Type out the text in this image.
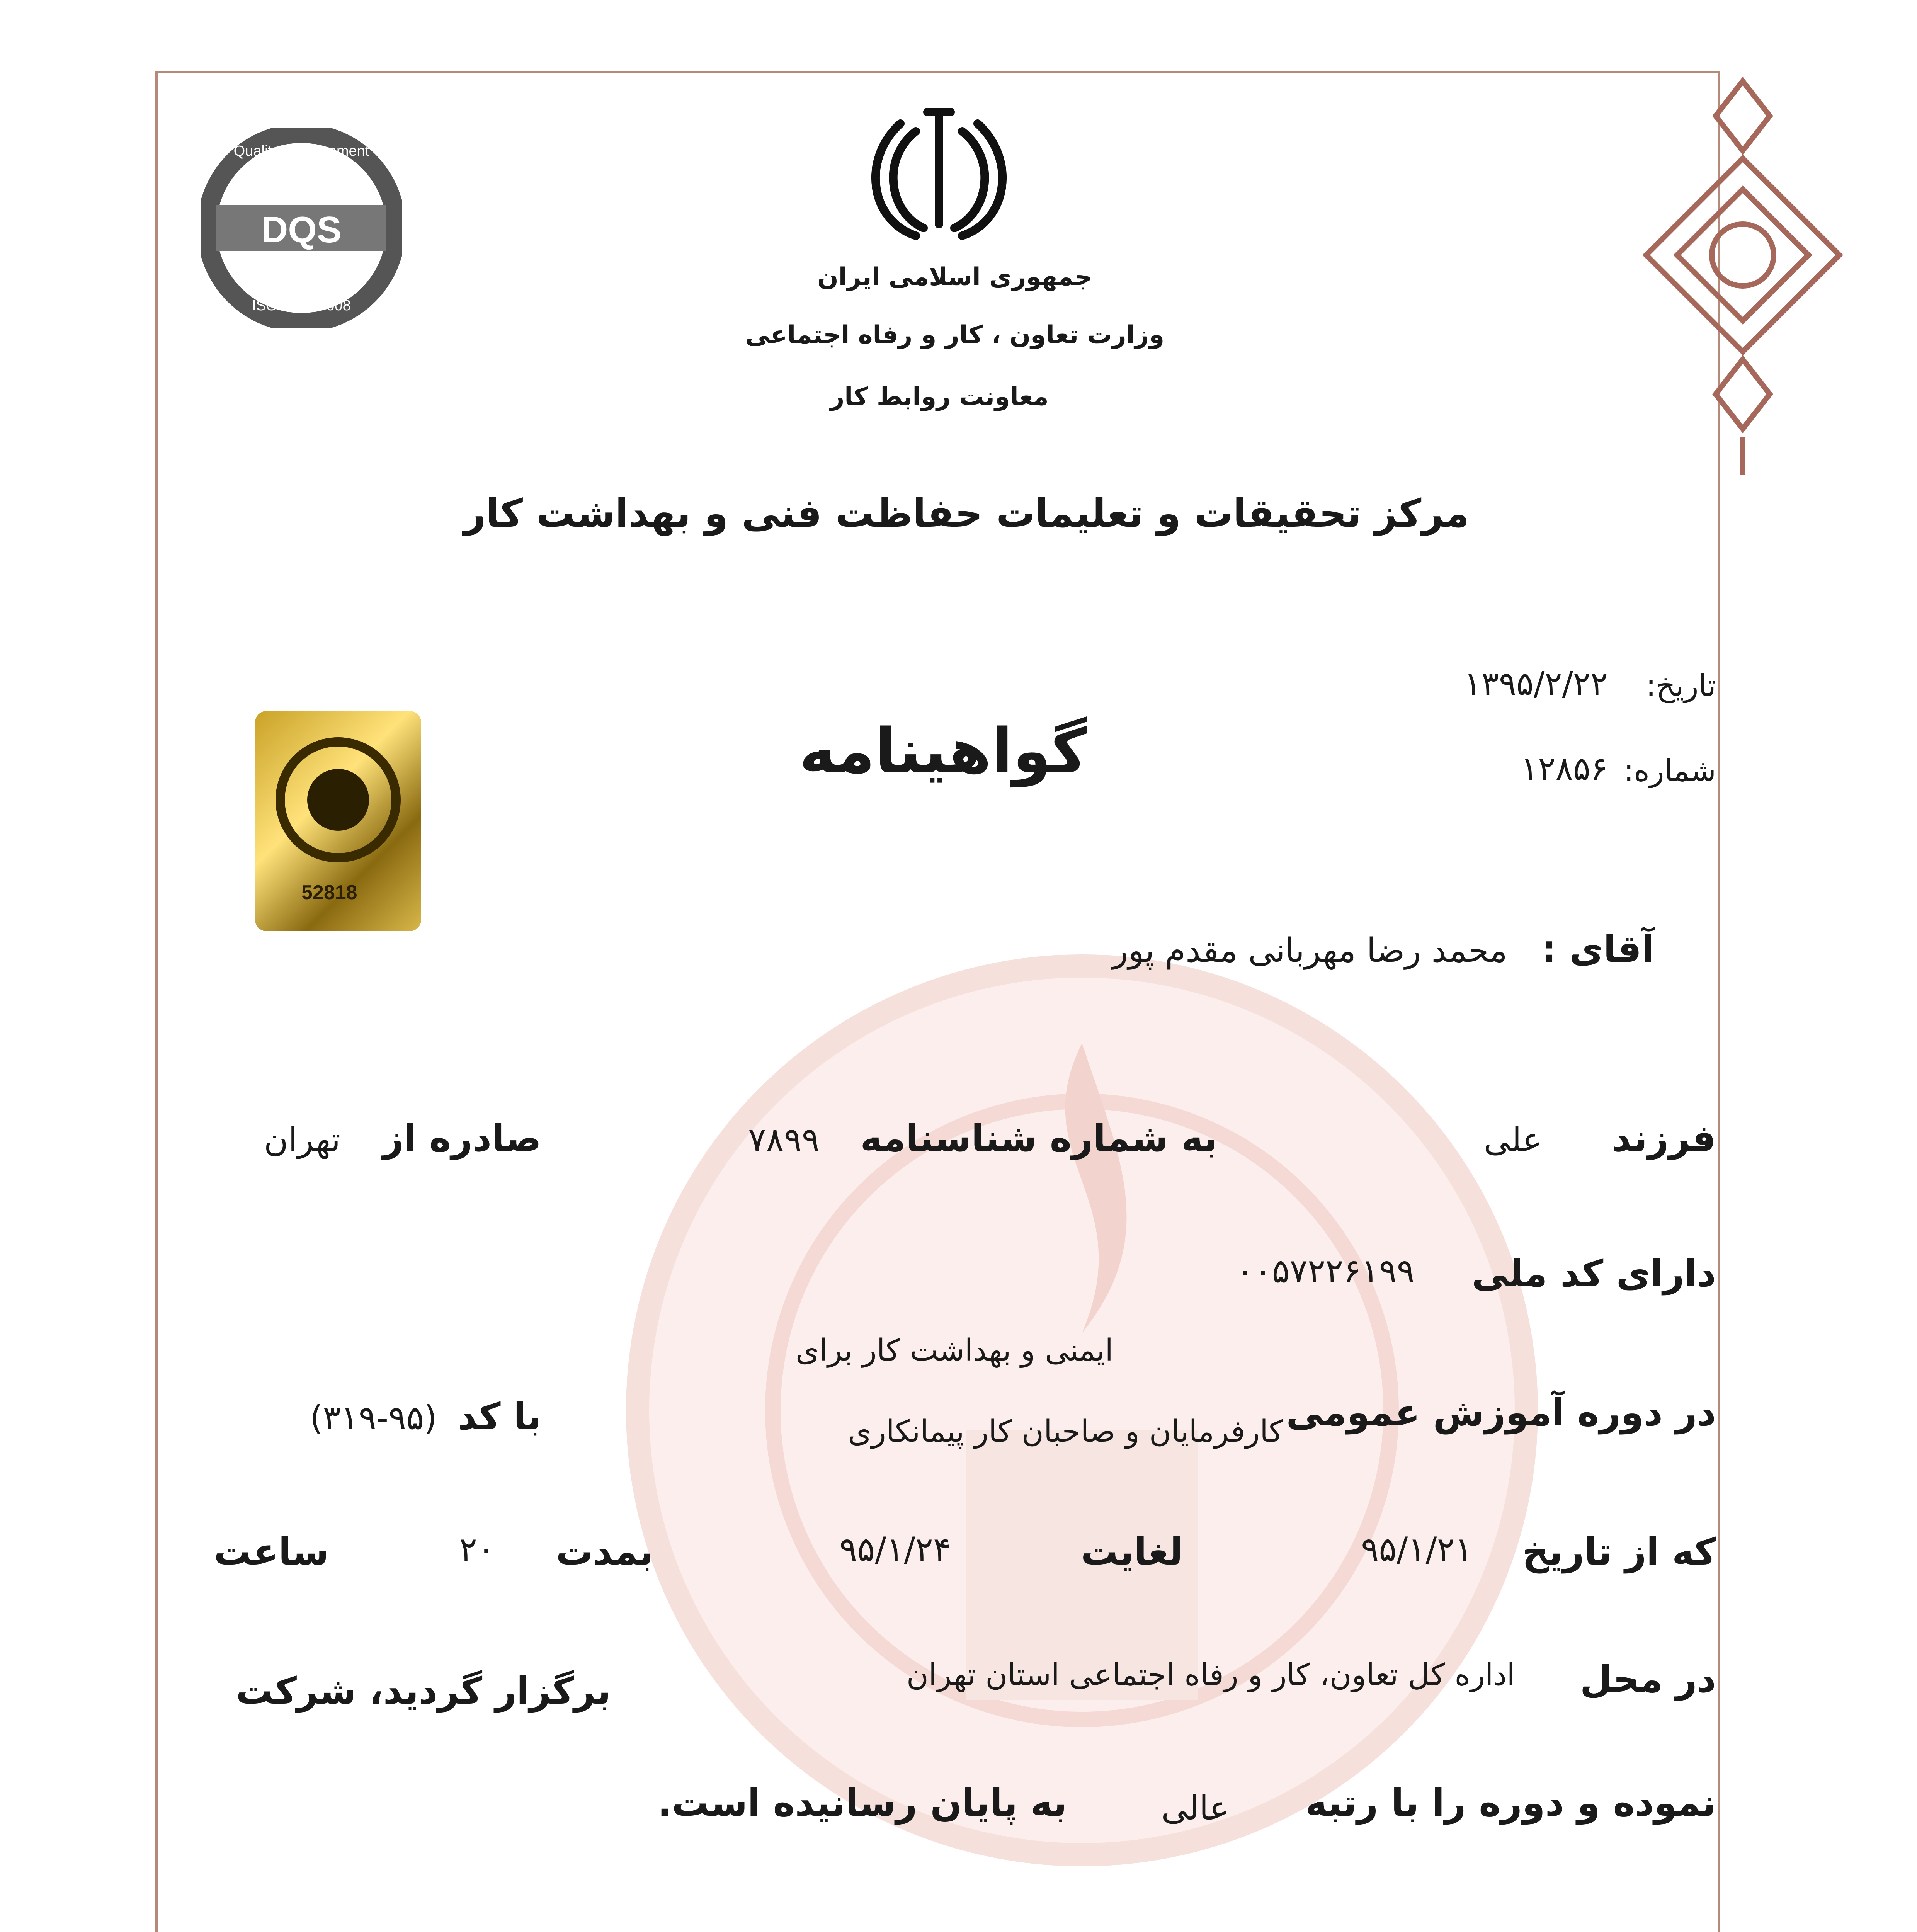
جمهوری اسلامی ایران
وزارت تعاون ، کار و رفاه اجتماعی
معاونت روابط کار
مرکز تحقیقات و تعلیمات حفاظت فنی و بهداشت کار
DQS
Quality Management
ISO 9001:2008
تاریخ:
۱۳۹۵/۲/۲۲
شماره:
۱۲۸۵۶
52818
گواهینامه
آقای :
محمد رضا مهربانی مقدم پور
فرزند
علی
به شماره شناسنامه
۷۸۹۹
صادره از
تهران
دارای کد ملی
۰۰۵۷۲۲۶۱۹۹
ایمنی و بهداشت کار برای
در دوره آموزش عمومی
کارفرمایان و صاحبان کار پیمانکاری
با کد
(۳۱۹-۹۵)
که از تاریخ
۹۵/۱/۲۱
لغایت
۹۵/۱/۲۴
بمدت
۲۰
ساعت
در محل
اداره کل تعاون، کار و رفاه اجتماعی استان تهران
برگزار گردید، شرکت
نموده و دوره را با رتبه
عالی
به پایان رسانیده است.
